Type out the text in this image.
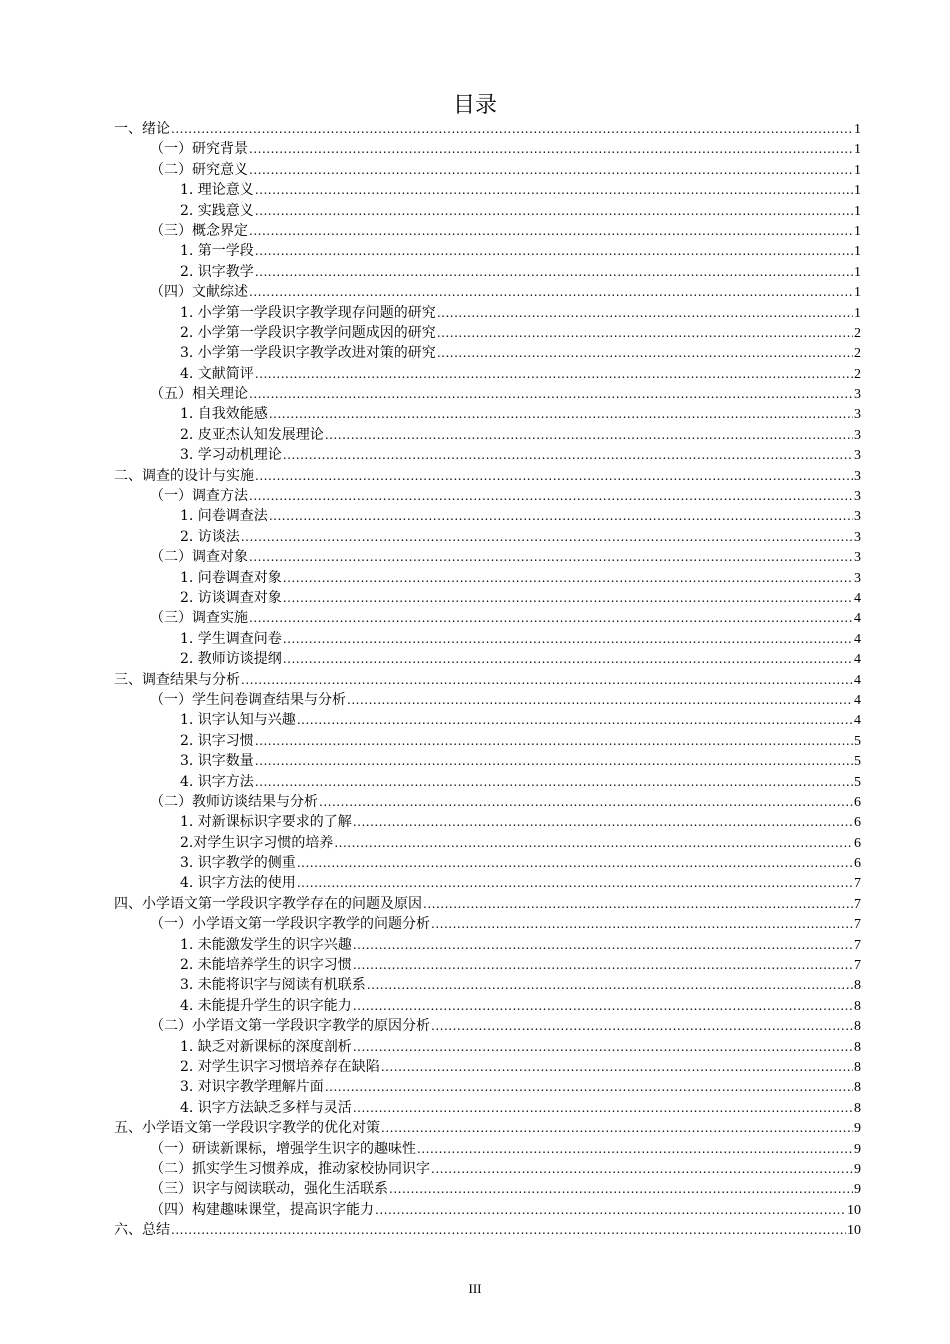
目录
一、绪论 .....	1
（一）研究背景 .....	1
（二）研究意义 .....	1
1. 理论意义 .....	1
2. 实践意义 .....	1
（三）概念界定 .....	1
1. 第一学段 .....	1
2. 识字教学 .....	1
（四）文献综述 .....	1
1. 小学第一学段识字教学现存问题的研究 .....	1
2. 小学第一学段识字教学问题成因的研究 .....	2
3. 小学第一学段识字教学改进对策的研究 .....	2
4. 文献简评 .....	2
（五）相关理论 .....	3
1. 自我效能感 .....	3
2. 皮亚杰认知发展理论 .....	3
3. 学习动机理论 .....	3
二、调查的设计与实施 .....	3
（一）调查方法 .....	3
1. 问卷调查法 .....	3
2. 访谈法 .....	3
（二）调查对象 .....	3
1. 问卷调查对象 .....	3
2. 访谈调查对象 .....	4
（三）调查实施 .....	4
1. 学生调查问卷 .....	4
2. 教师访谈提纲 .....	4
三、调查结果与分析 .....	4
（一）学生问卷调查结果与分析 .....	4
1. 识字认知与兴趣 .....	4
2. 识字习惯 .....	5
3. 识字数量 .....	5
4. 识字方法 .....	5
（二）教师访谈结果与分析 .....	6
1. 对新课标识字要求的了解 .....	6
2.对学生识字习惯的培养 .....	6
3. 识字教学的侧重 .....	6
4. 识字方法的使用 .....	7
四、小学语文第一学段识字教学存在的问题及原因 .....	7
（一）小学语文第一学段识字教学的问题分析 .....	7
1. 未能激发学生的识字兴趣 .....	7
2. 未能培养学生的识字习惯 .....	7
3. 未能将识字与阅读有机联系 .....	8
4. 未能提升学生的识字能力 .....	8
（二）小学语文第一学段识字教学的原因分析 .....	8
1. 缺乏对新课标的深度剖析 .....	8
2. 对学生识字习惯培养存在缺陷 .....	8
3. 对识字教学理解片面 .....	8
4. 识字方法缺乏多样与灵活 .....	8
五、小学语文第一学段识字教学的优化对策 .....	9
（一）研读新课标，增强学生识字的趣味性 .....	9
（二）抓实学生习惯养成，推动家校协同识字 .....	9
（三）识字与阅读联动，强化生活联系 .....	9
（四）构建趣味课堂，提高识字能力 .....	10
六、总结 .....	10
III
